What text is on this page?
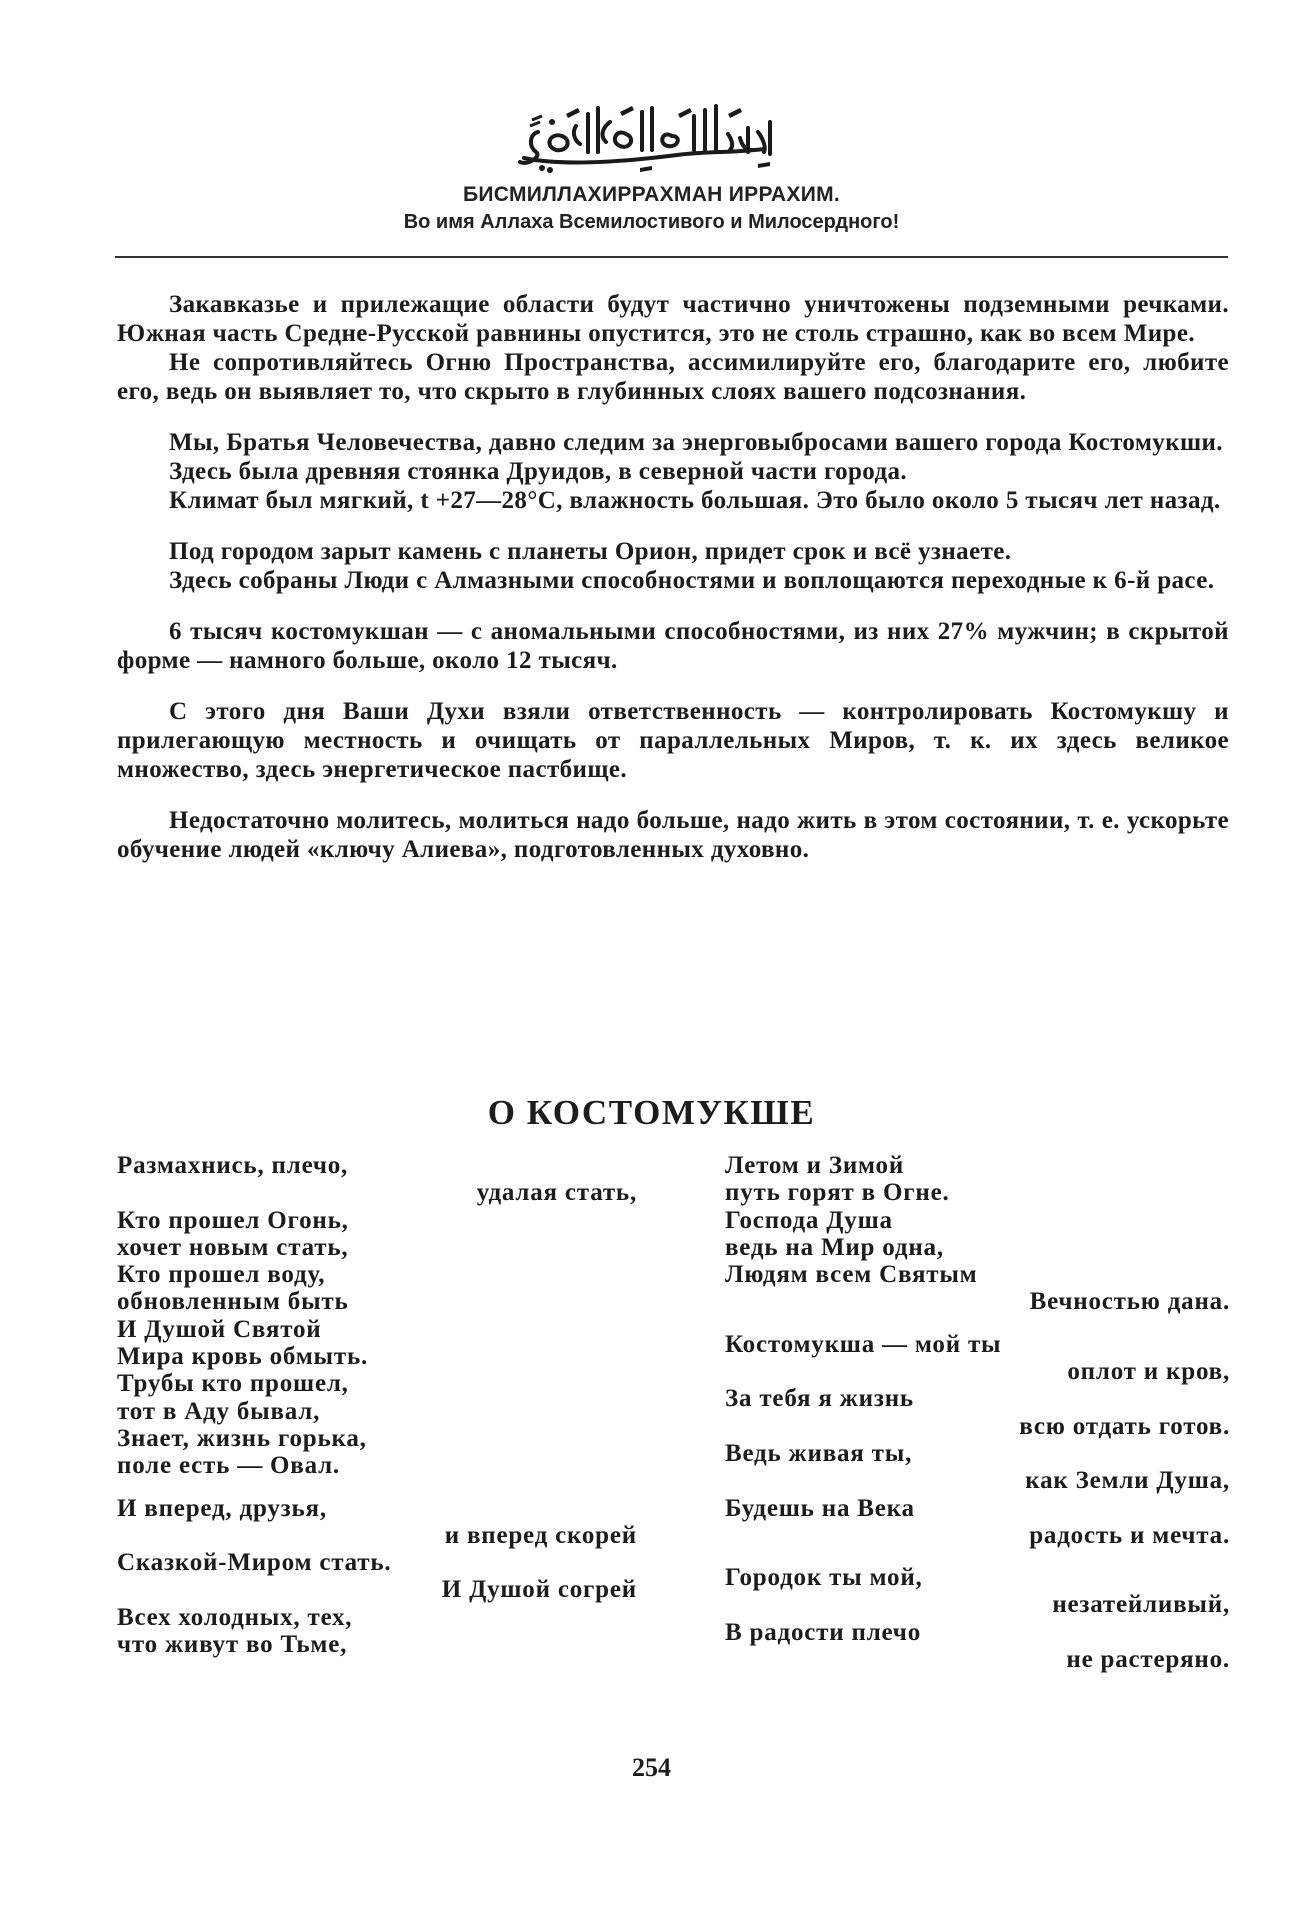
БИСМИЛЛАХИРРАХМАН ИРРАХИМ.
Во имя Аллаха Всемилостивого и Милосердного!

Закавказье и прилежащие области будут частично уничтожены подземными речками. Южная часть Средне-Русской равнины опустится, это не столь страшно, как во всем Мире.

Не сопротивляйтесь Огню Пространства, ассимилируйте его, благодарите его, любите его, ведь он выявляет то, что скрыто в глубинных слоях вашего подсознания.

Мы, Братья Человечества, давно следим за энерговыбросами вашего города Костомукши.

Здесь была древняя стоянка Друидов, в северной части города.

Климат был мягкий, t +27—28°С, влажность большая. Это было около 5 тысяч лет назад.

Под городом зарыт камень с планеты Орион, придет срок и всё узнаете.

Здесь собраны Люди с Алмазными способностями и воплощаются переходные к 6-й расе.

6 тысяч костомукшан — с аномальными способностями, из них 27% мужчин; в скрытой форме — намного больше, около 12 тысяч.

С этого дня Ваши Духи взяли ответственность — контролировать Костомукшу и прилегающую местность и очищать от параллельных Миров, т. к. их здесь великое множество, здесь энергетическое пастбище.

Недостаточно молитесь, молиться надо больше, надо жить в этом состоянии, т. е. ускорьте обучение людей «ключу Алиева», подготовленных духовно.

О КОСТОМУКШЕ
Размахнись, плечо,
удалая стать,
Кто прошел Огонь,
хочет новым стать,
Кто прошел воду,
обновленным быть
И Душой Святой
Мира кровь обмыть.
Трубы кто прошел,
тот в Аду бывал,
Знает, жизнь горька,
поле есть — Овал.
И вперед, друзья,
и вперед скорей
Сказкой-Миром стать.
И Душой согрей
Всех холодных, тех,
что живут во Тьме,
Летом и Зимой
путь горят в Огне.
Господа Душа
ведь на Мир одна,
Людям всем Святым
Вечностью дана.
Костомукша — мой ты
оплот и кров,
За тебя я жизнь
всю отдать готов.
Ведь живая ты,
как Земли Душа,
Будешь на Века
радость и мечта.
Городок ты мой,
незатейливый,
В радости плечо
не растеряно.
254
